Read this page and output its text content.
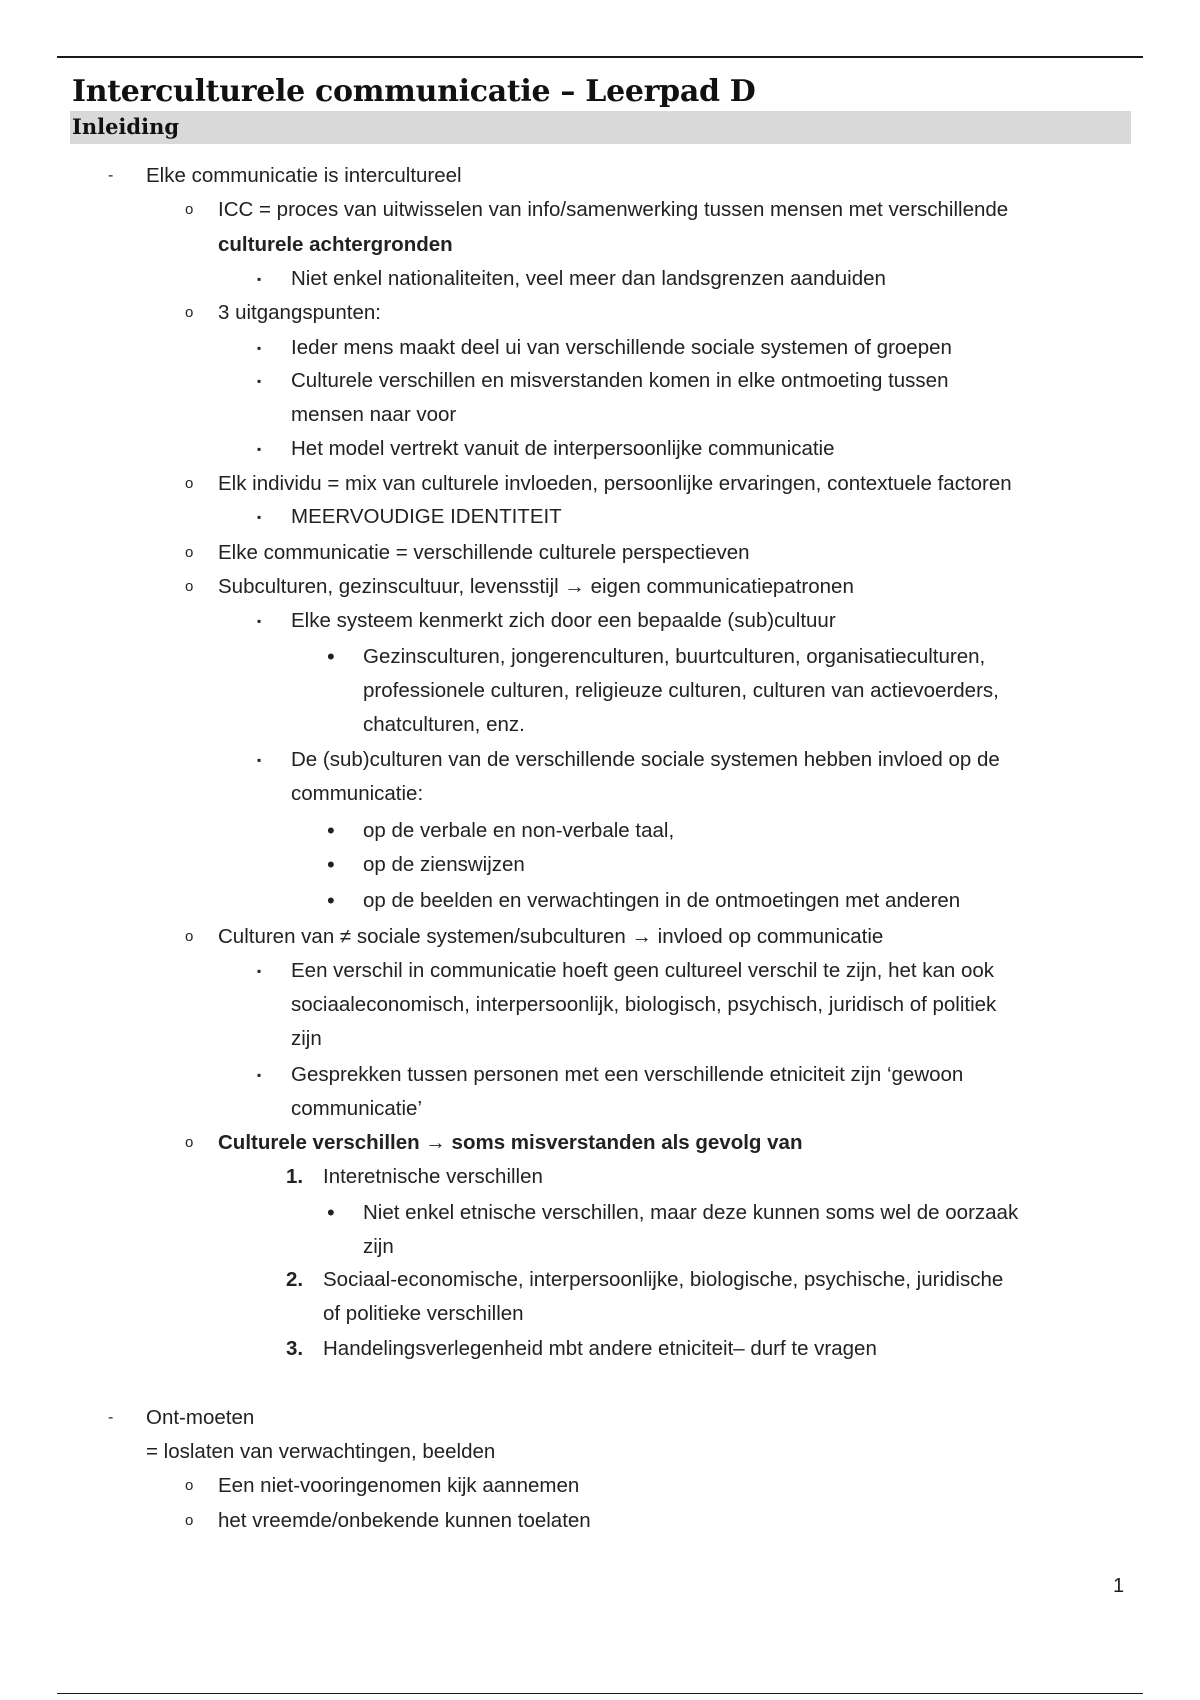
Interculturele communicatie – Leerpad D
Inleiding
- Elke communicatie is intercultureel
o ICC = proces van uitwisselen van info/samenwerking tussen mensen met verschillende
culturele achtergronden
▪ Niet enkel nationaliteiten, veel meer dan landsgrenzen aanduiden
o 3 uitgangspunten:
▪ Ieder mens maakt deel ui van verschillende sociale systemen of groepen
▪ Culturele verschillen en misverstanden komen in elke ontmoeting tussen
mensen naar voor
▪ Het model vertrekt vanuit de interpersoonlijke communicatie
o Elk individu = mix van culturele invloeden, persoonlijke ervaringen, contextuele factoren
▪ MEERVOUDIGE IDENTITEIT
o Elke communicatie = verschillende culturele perspectieven
o Subculturen, gezinscultuur, levensstijl → eigen communicatiepatronen
▪ Elke systeem kenmerkt zich door een bepaalde (sub)cultuur
• Gezinsculturen, jongerenculturen, buurtculturen, organisatieculturen,
professionele culturen, religieuze culturen, culturen van actievoerders,
chatculturen, enz.
▪ De (sub)culturen van de verschillende sociale systemen hebben invloed op de
communicatie:
• op de verbale en non-verbale taal,
• op de zienswijzen
• op de beelden en verwachtingen in de ontmoetingen met anderen
o Culturen van ≠ sociale systemen/subculturen → invloed op communicatie
▪ Een verschil in communicatie hoeft geen cultureel verschil te zijn, het kan ook
sociaaleconomisch, interpersoonlijk, biologisch, psychisch, juridisch of politiek
zijn
▪ Gesprekken tussen personen met een verschillende etniciteit zijn ‘gewoon
communicatie’
o Culturele verschillen → soms misverstanden als gevolg van
1. Interetnische verschillen
• Niet enkel etnische verschillen, maar deze kunnen soms wel de oorzaak
zijn
2. Sociaal-economische, interpersoonlijke, biologische, psychische, juridische
of politieke verschillen
3. Handelingsverlegenheid mbt andere etniciteit– durf te vragen
- Ont-moeten
= loslaten van verwachtingen, beelden
o Een niet-vooringenomen kijk aannemen
o het vreemde/onbekende kunnen toelaten
1
